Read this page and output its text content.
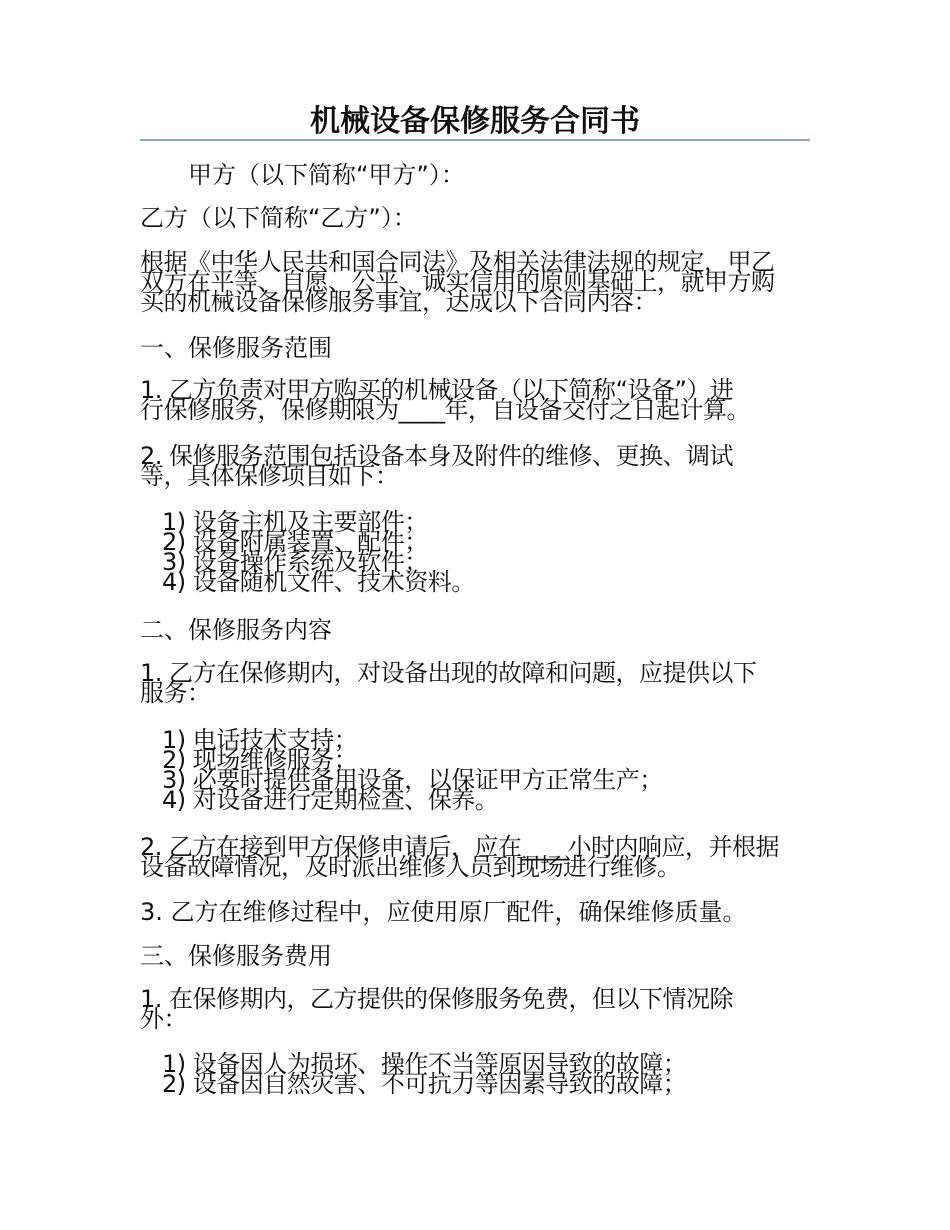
机械设备保修服务合同书
甲方（以下简称“甲方”）：
乙方（以下简称“乙方”）：
根据《中华人民共和国合同法》及相关法律法规的规定，甲乙
双方在平等、自愿、公平、诚实信用的原则基础上，就甲方购
买的机械设备保修服务事宜，达成以下合同内容：
一、保修服务范围
1. 乙方负责对甲方购买的机械设备（以下简称“设备”）进
行保修服务，保修期限为____年，自设备交付之日起计算。
2. 保修服务范围包括设备本身及附件的维修、更换、调试
等，具体保修项目如下：
1) 设备主机及主要部件；
2) 设备附属装置、配件；
3) 设备操作系统及软件；
4) 设备随机文件、技术资料。
二、保修服务内容
1. 乙方在保修期内，对设备出现的故障和问题，应提供以下
服务：
1) 电话技术支持；
2) 现场维修服务；
3) 必要时提供备用设备，以保证甲方正常生产；
4) 对设备进行定期检查、保养。
2. 乙方在接到甲方保修申请后，应在____小时内响应，并根据
设备故障情况，及时派出维修人员到现场进行维修。
3. 乙方在维修过程中，应使用原厂配件，确保维修质量。
三、保修服务费用
1. 在保修期内，乙方提供的保修服务免费，但以下情况除
外：
1) 设备因人为损坏、操作不当等原因导致的故障；
2) 设备因自然灾害、不可抗力等因素导致的故障；
